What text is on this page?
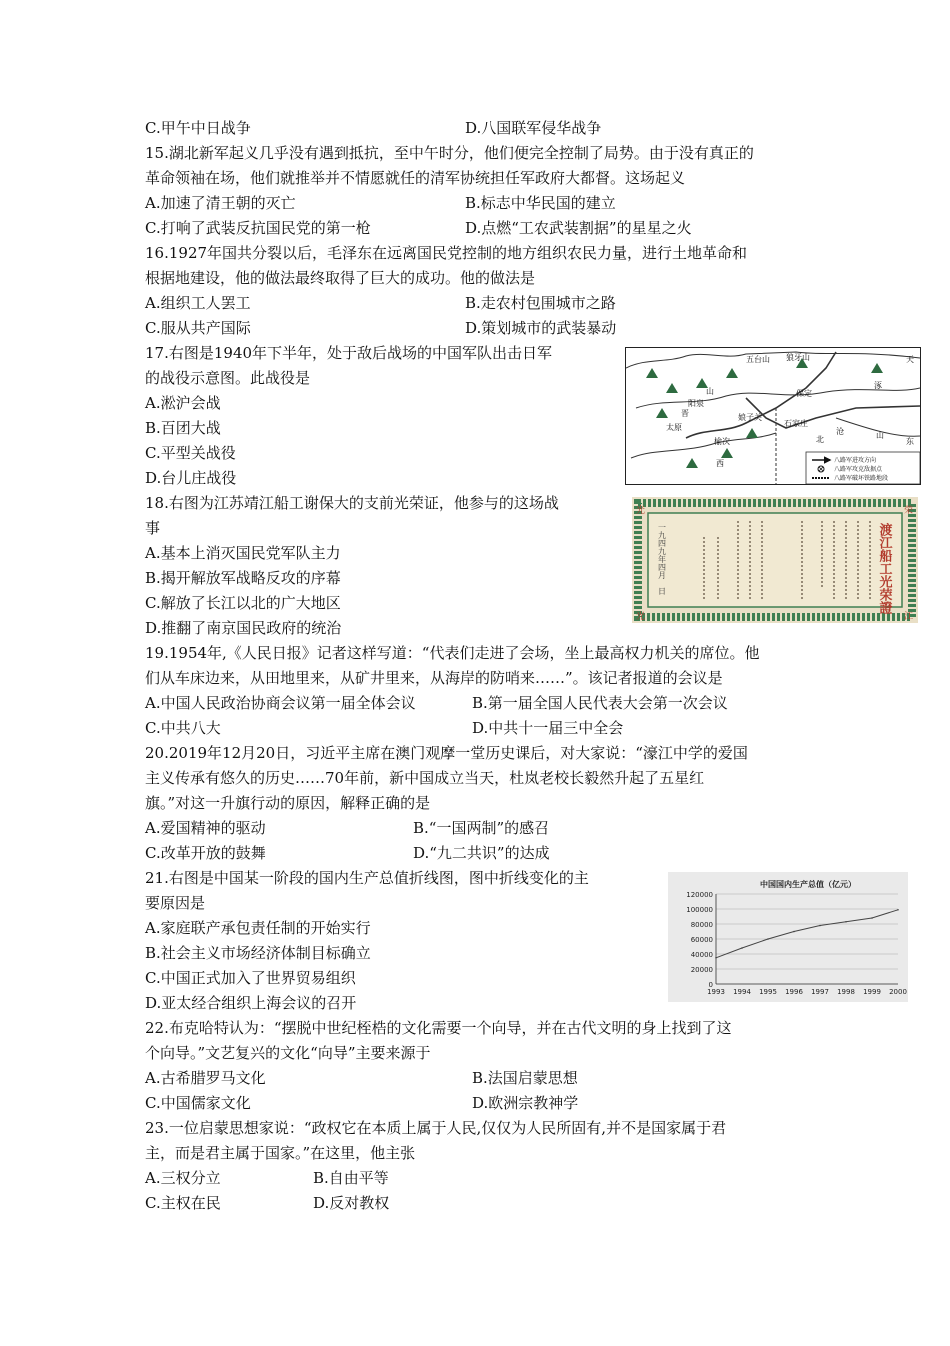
C.甲午中日战争	D.八国联军侵华战争
15.湖北新军起义几乎没有遇到抵抗，至中午时分，他们便完全控制了局势。由于没有真正的
革命领袖在场，他们就推举并不情愿就任的清军协统担任军政府大都督。这场起义
A.加速了清王朝的灭亡	B.标志中华民国的建立
C.打响了武装反抗国民党的第一枪	D.点燃“工农武装割据”的星星之火
16.1927年国共分裂以后，毛泽东在远离国民党控制的地方组织农民力量，进行土地革命和
根据地建设，他的做法最终取得了巨大的成功。他的做法是
A.组织工人罢工	B.走农村包围城市之路
C.服从共产国际	D.策划城市的武装暴动
17.右图是1940年下半年，处于敌后战场的中国军队出击日军
的战役示意图。此战役是
A.淞沪会战
B.百团大战
C.平型关战役
D.台儿庄战役
五台山 狼牙山	天
涿
保定
阳泉
娘子关
石家庄
太原
晋
山
沧
北
榆次
山
东
西	八路军进攻方向
八路军攻克敌据点
八路军破坏铁路地段
18.右图为江苏靖江船工谢保大的支前光荣证，他参与的这场战
事
A.基本上消灭国民党军队主力
B.揭开解放军战略反攻的序幕
C.解放了长江以北的广大地区
D.推翻了南京国民政府的统治
光	荣
光	江
渡江船工光荣證
一九四九年四月　日
19.1954年,《人民日报》记者这样写道：“代表们走进了会场，坐上最高权力机关的席位。他
们从车床边来，从田地里来，从矿井里来，从海岸的防哨来……”。该记者报道的会议是
A.中国人民政治协商会议第一届全体会议	B.第一届全国人民代表大会第一次会议
C.中共八大	D.中共十一届三中全会
20.2019年12月20日，习近平主席在澳门观摩一堂历史课后，对大家说：“濠江中学的爱国
主义传承有悠久的历史……70年前，新中国成立当天，杜岚老校长毅然升起了五星红
旗。”对这一升旗行动的原因，解释正确的是
A.爱国精神的驱动	B.“一国两制”的感召
C.改革开放的鼓舞	D.“九二共识”的达成
21.右图是中国某一阶段的国内生产总值折线图，图中折线变化的主
要原因是
A.家庭联产承包责任制的开始实行
B.社会主义市场经济体制目标确立
C.中国正式加入了世界贸易组织
D.亚太经合组织上海会议的召开
中国国内生产总值（亿元）
0
20000
40000
60000
80000
100000
120000
1993 1994 1995 1996 1997 1998 1999 2000
22.布克哈特认为：“摆脱中世纪桎梏的文化需要一个向导，并在古代文明的身上找到了这
个向导。”文艺复兴的文化“向导”主要来源于
A.古希腊罗马文化	B.法国启蒙思想
C.中国儒家文化	D.欧洲宗教神学
23.一位启蒙思想家说：“政权它在本质上属于人民,仅仅为人民所固有,并不是国家属于君
主，而是君主属于国家。”在这里，他主张
A.三权分立	B.自由平等
C.主权在民	D.反对教权
